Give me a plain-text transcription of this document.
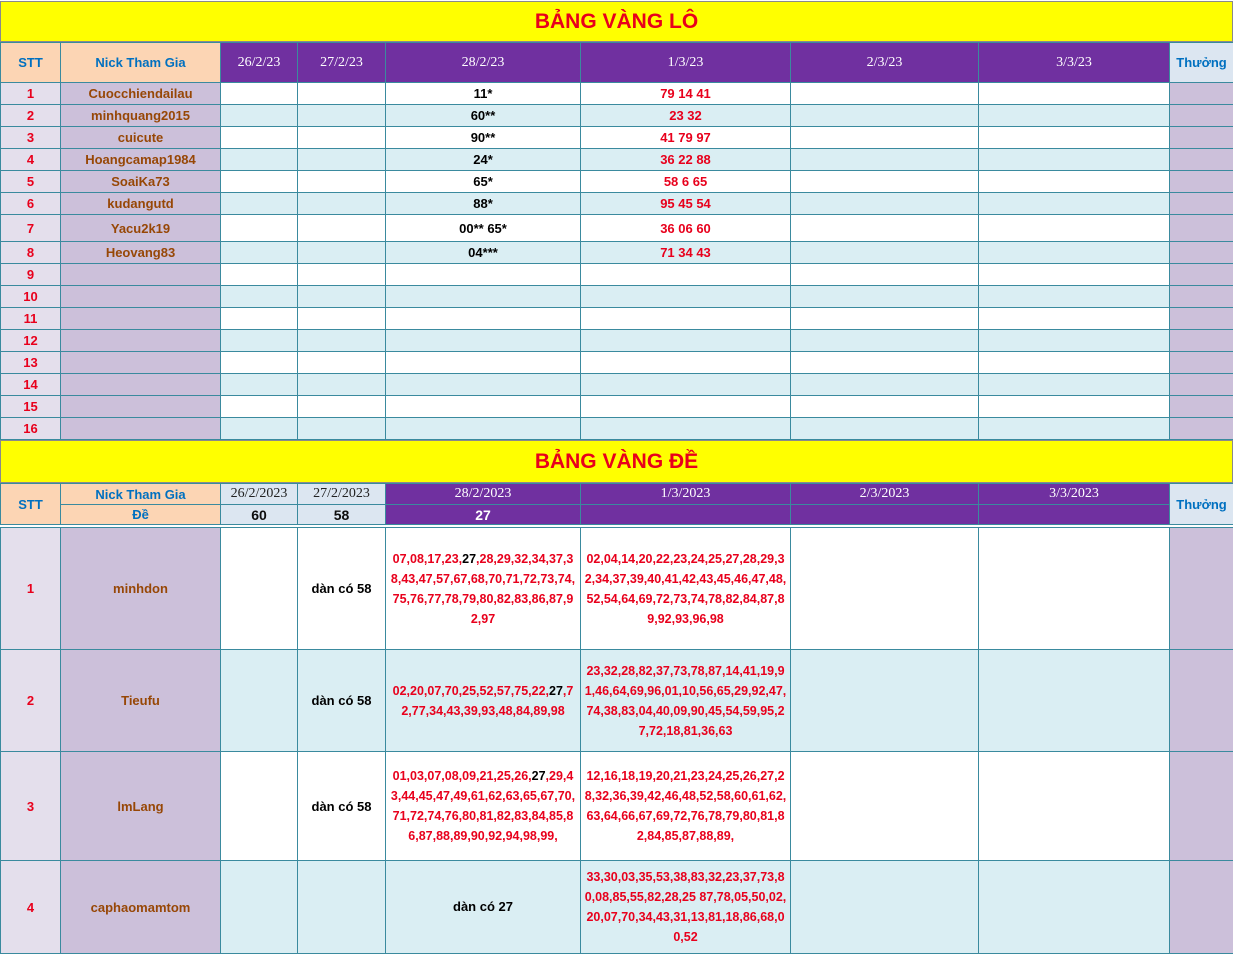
BẢNG VÀNG LÔ
STT	Nick Tham Gia	26/2/23	27/2/23	28/2/23	1/3/23	2/3/23	3/3/23	Thưởng
1	Cuocchiendailau			11*	79 14 41			
2	minhquang2015			60**	23 32			
3	cuicute			90**	41 79 97			
4	Hoangcamap1984			24*	36 22 88			
5	SoaiKa73			65*	58 6 65			
6	kudangutd			88*	95 45 54			
7	Yacu2k19			00** 65*	36 06 60			
8	Heovang83			04***	71 34 43			
9								
10								
11								
12								
13								
14								
15								
16								
BẢNG VÀNG ĐỀ
STT	Nick Tham Gia	26/2/2023	27/2/2023	28/2/2023	1/3/2023	2/3/2023	3/3/2023	Thưởng
	Đề	60	58	27				

1	minhdon		dàn có 58	07,08,17,23,27,28,29,32,34,37,38,43,47,57,67,68,70,71,72,73,74,75,76,77,78,79,80,82,83,86,87,92,97	02,04,14,20,22,23,24,25,27,28,29,32,34,37,39,40,41,42,43,45,46,47,48,52,54,64,69,72,73,74,78,82,84,87,89,92,93,96,98			
2	Tieufu		dàn có 58	02,20,07,70,25,52,57,75,22,27,72,77,34,43,39,93,48,84,89,98	23,32,28,82,37,73,78,87,14,41,19,91,46,64,69,96,01,10,56,65,29,92,47,74,38,83,04,40,09,90,45,54,59,95,27,72,18,81,36,63			
3	lmLang		dàn có 58	01,03,07,08,09,21,25,26,27,29,43,44,45,47,49,61,62,63,65,67,70,71,72,74,76,80,81,82,83,84,85,86,87,88,89,90,92,94,98,99,	12,16,18,19,20,21,23,24,25,26,27,28,32,36,39,42,46,48,52,58,60,61,62,63,64,66,67,69,72,76,78,79,80,81,82,84,85,87,88,89,			
4	caphaomamtom			dàn có 27	33,30,03,35,53,38,83,32,23,37,73,80,08,85,55,82,28,25 87,78,05,50,02,20,07,70,34,43,31,13,81,18,86,68,00,52			
